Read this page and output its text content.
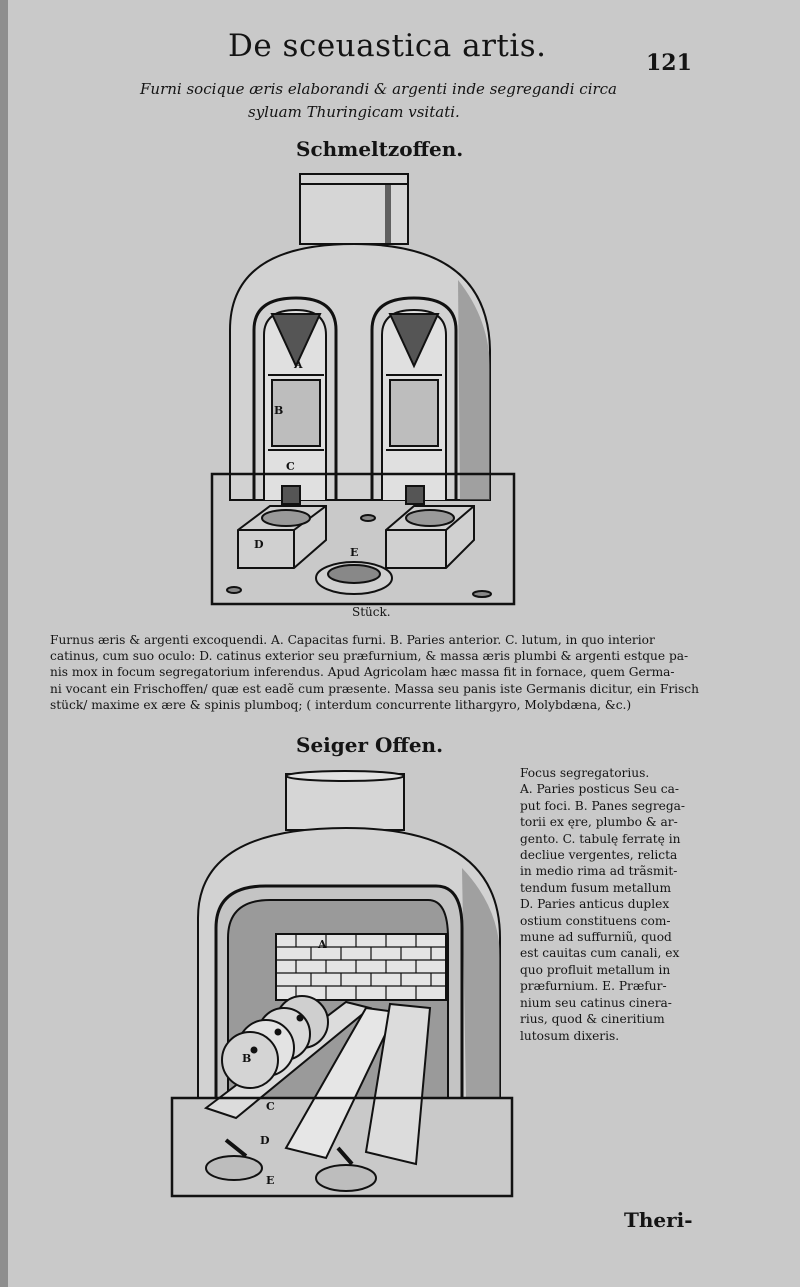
De sceuastica artis.	121
Furni socique æris elaborandi & argenti inde segregandi circa
syluam Thuringicam vsitati.
Schmeltzoffen.
A
B
C
D
E
Stück.
Furnus æris & argenti excoquendi. A. Capacitas furni. B. Paries anterior. C. lutum, in quo interior
catinus, cum suo oculo: D. catinus exterior seu præfurnium, & massa æris plumbi & argenti estque pa-
nis mox in focum segregatorium inferendus. Apud Agricolam hæc massa fit in fornace, quem Germa-
ni vocant ein Frischoffen/ quæ est eadẽ cum præsente. Massa seu panis iste Germanis dicitur, ein Frisch
stück/ maxime ex ære & spinis plumboq; ( interdum concurrente lithargyro, Molybdæna, &c.)
Seiger Offen.
A
B
C
D
E
Focus segregatorius.
A. Paries posticus Seu ca-
put foci. B. Panes segrega-
torii ex ęre, plumbo & ar-
gento. C. tabulę ferratę in
decliue vergentes, relicta
in medio rima ad trãsmit-
tendum fusum metallum
D. Paries anticus duplex
ostium constituens com-
mune ad suffurniũ, quod
est cauitas cum canali, ex
quo profluit metallum in
præfurnium. E. Præfur-
nium seu catinus cinera-
rius, quod & cineritium
lutosum dixeris.
Theri-
